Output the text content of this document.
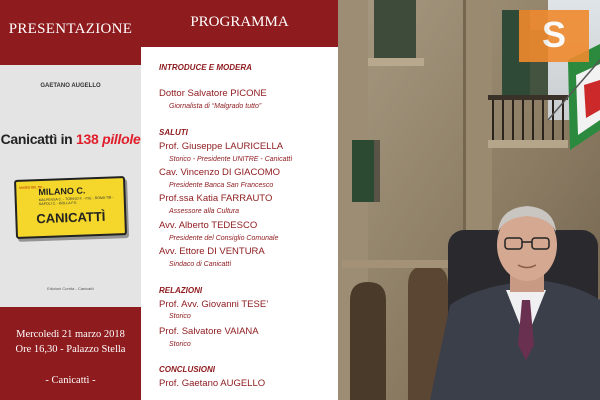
PRESENTAZIONE
GAETANO AUGELLO
Canicattì in 138 pillole
MUSEO DEL TR…
MILANO C.
MALPENSA C. - TORINO F. - P.IE - ROMA TIB - NAPOLI C. - BOLLA F.E.
CANICATTÌ
Edizioni Corrita - Canicattì
Mercoledì 21 marzo 2018
Ore 16,30 - Palazzo Stella
- Canicattì -
PROGRAMMA
INTRODUCE E MODERA
Dottor Salvatore PICONE
Giornalista di “Malgrado tutto”
SALUTI
Prof. Giuseppe LAURICELLA
Storico - Presidente UNITRE - Canicattì
Cav. Vincenzo DI GIACOMO
Presidente Banca San Francesco
Prof.ssa Katia FARRAUTO
Assessore alla Cultura
Avv. Alberto TEDESCO
Presidente del Consiglio Comunale
Avv. Ettore DI VENTURA
Sindaco di Canicattì
RELAZIONI
Prof. Avv. Giovanni TESE’
Storico
Prof. Salvatore VAIANA
Storico
CONCLUSIONI
Prof. Gaetano AUGELLO
S
